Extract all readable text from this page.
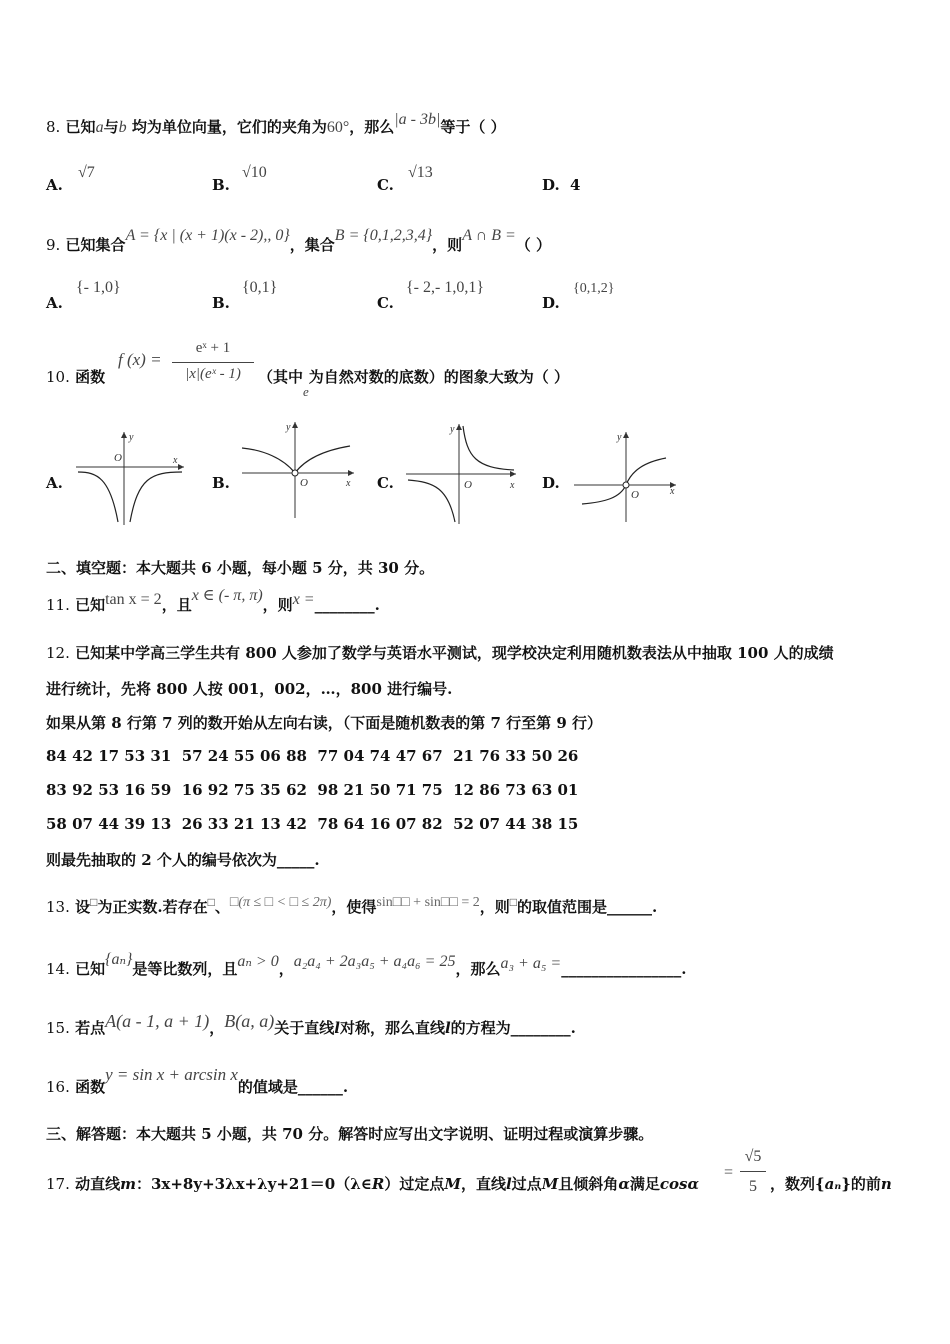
8. 已知a与b 均为单位向量，它们的夹角为60°，那么|a - 3b|等于（ ）
A.
√7
B.
√10
C.
√13
D. 4
9. 已知集合A = {x | (x + 1)(x - 2),, 0}，集合B = {0,1,2,3,4}，则A ∩ B =（ ）
A.
{- 1,0}
B.
{0,1}
C.
{- 2,- 1,0,1}
D.
{0,1,2}
10. 函数
f (x) =
eˣ + 1
|x|(eˣ - 1)	（其中e为自然对数的底数）的图象大致为（ ）
A.	B.	C.	D.
O
y
x
O
y
x	O
y
x
O
y
x
二、填空题：本大题共 6 小题，每小题 5 分，共 30 分。
11. 已知tan x = 2，且x ∈ (- π, π)，则x =________.
12. 已知某中学高三学生共有 800 人参加了数学与英语水平测试，现学校决定利用随机数表法从中抽取 100 人的成绩
进行统计，先将 800 人按 001，002，…，800 进行编号.
如果从第 8 行第 7 列的数开始从左向右读，（下面是随机数表的第 7 行至第 9 行）
84 42 17 53 31  57 24 55 06 88  77 04 74 47 67  21 76 33 50 26
83 92 53 16 59  16 92 75 35 62  98 21 50 71 75  12 86 73 63 01
58 07 44 39 13  26 33 21 13 42  78 64 16 07 82  52 07 44 38 15
则最先抽取的 2 个人的编号依次为_____.
13. 设□为正实数.若存在□、□(π ≤ □ < □ ≤ 2π)，使得sin□□ + sin□□ = 2，则□的取值范围是______.
14. 已知{aₙ}是等比数列，且aₙ > 0，a₂a₄ + 2a₃a₅ + a₄a₆ = 25，那么a₃ + a₅ =________________.
15. 若点A(a - 1, a + 1)，B(a, a)关于直线l对称，那么直线l的方程为________.
16. 函数y = sin x + arcsin x的值域是______.
三、解答题：本大题共 5 小题，共 70 分。解答时应写出文字说明、证明过程或演算步骤。
17. 动直线m：3x+8y+3λx+λy+21＝0（λ∈R）过定点M，直线l过点M且倾斜角α满足cosα
=
√5
5 ，数列{aₙ}的前n
